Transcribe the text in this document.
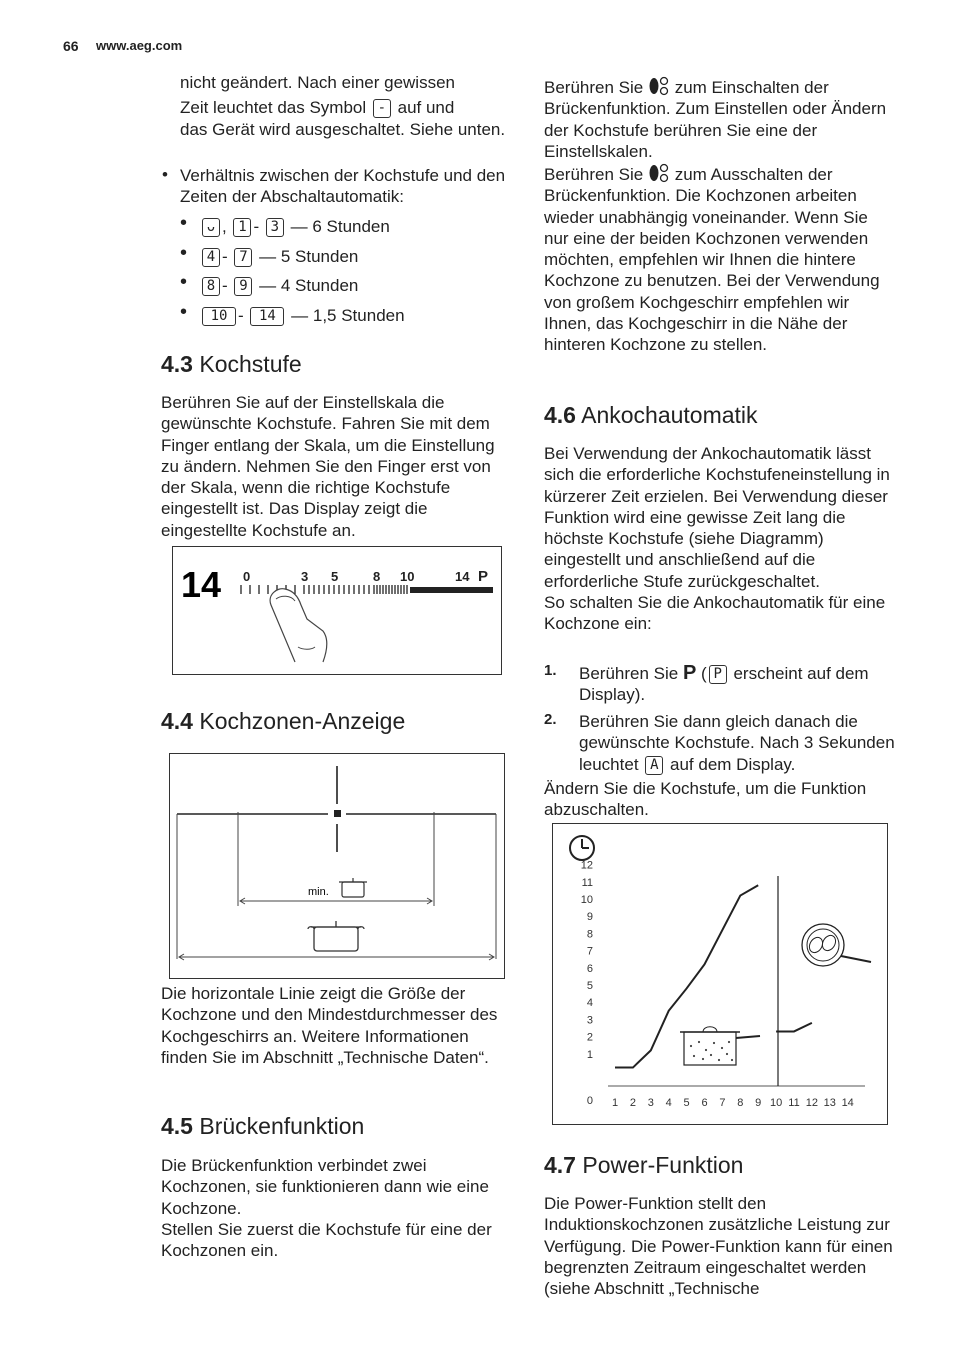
66 www.aeg.com

nicht geändert. Nach einer gewissen

Zeit leuchtet das Symbol - auf und

das Gerät wird ausgeschaltet. Siehe unten.

• Verhältnis zwischen der Kochstufe und den Zeiten der Abschaltautomatik:
•	ᴗ , 1 - 3 — 6 Stunden
•	4 - 7 — 5 Stunden
•	8 - 9 — 4 Stunden
•	10 - 14 — 1,5 Stunden
4.3 Kochstufe
Berühren Sie auf der Einstellskala die gewünschte Kochstufe. Fahren Sie mit dem Finger entlang der Skala, um die Einstellung zu ändern. Nehmen Sie den Finger erst von der Skala, wenn die richtige Kochstufe eingestellt ist. Das Display zeigt die eingestellte Kochstufe an.
14 0	3 5	8 10	14 P
4.4 Kochzonen-Anzeige
min.
Die horizontale Linie zeigt die Größe der Kochzone und den Mindestdurchmesser des Kochgeschirrs an. Weitere Informationen finden Sie im Abschnitt „Technische Daten“.
4.5 Brückenfunktion
Die Brückenfunktion verbindet zwei Kochzonen, sie funktionieren dann wie eine Kochzone.
Stellen Sie zuerst die Kochstufe für eine der Kochzonen ein.
Berühren Sie zum Einschalten der Brückenfunktion. Zum Einstellen oder Ändern der Kochstufe berühren Sie eine der Einstellskalen.
Berühren Sie zum Ausschalten der Brückenfunktion. Die Kochzonen arbeiten wieder unabhängig voneinander. Wenn Sie nur eine der beiden Kochzonen verwenden möchten, empfehlen wir Ihnen die hintere Kochzone zu benutzen. Bei der Verwendung von großem Kochgeschirr empfehlen wir Ihnen, das Kochgeschirr in die Nähe der hinteren Kochzone zu stellen.
4.6 Ankochautomatik
Bei Verwendung der Ankochautomatik lässt sich die erforderliche Kochstufeneinstellung in kürzerer Zeit erzielen. Bei Verwendung dieser Funktion wird eine gewisse Zeit lang die höchste Kochstufe (siehe Diagramm) eingestellt und anschließend auf die erforderliche Stufe zurückgeschaltet.
So schalten Sie die Ankochautomatik für eine Kochzone ein:
1. Berühren Sie P ( P erscheint auf dem Display).
2. Berühren Sie dann gleich danach die gewünschte Kochstufe. Nach 3 Sekunden leuchtet A auf dem Display.
Ändern Sie die Kochstufe, um die Funktion abzuschalten.
0
1
2
3
4
5
6
7
8
9
10
11
12
1 2 3 4 5 6 7 8 9 10 11 12 13 14
4.7 Power-Funktion
Die Power-Funktion stellt den Induktionskochzonen zusätzliche Leistung zur Verfügung. Die Power-Funktion kann für einen begrenzten Zeitraum eingeschaltet werden (siehe Abschnitt „Technische
